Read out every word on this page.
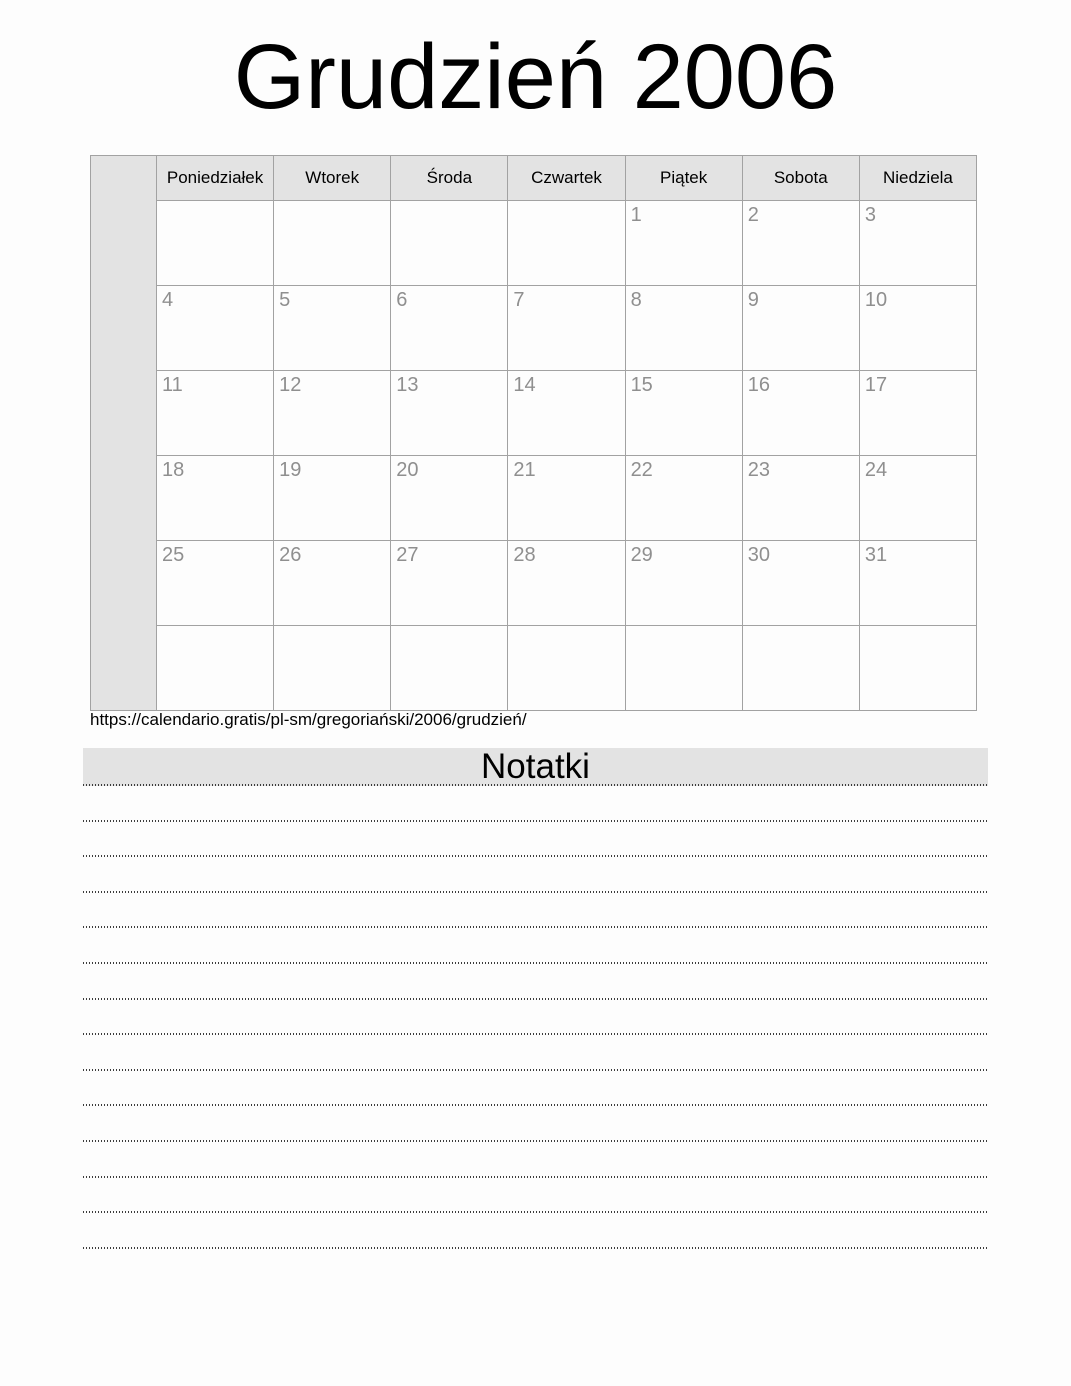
Grudzień 2006
	Poniedziałek	Wtorek	Środa	Czwartek	Piątek	Sobota	Niedziela
					1	2	3
	4	5	6	7	8	9	10
	11	12	13	14	15	16	17
	18	19	20	21	22	23	24
	25	26	27	28	29	30	31

https://calendario.gratis/pl-sm/gregoriański/2006/grudzień/
Notatki
